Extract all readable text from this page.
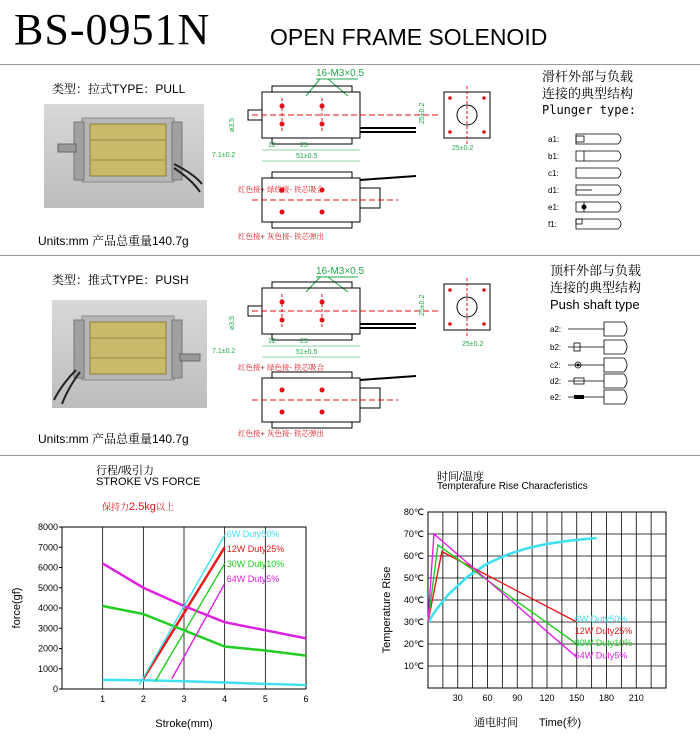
BS-0951N	OPEN FRAME SOLENOID
类型：拉式TYPE：PULL
Units:mm 产品总重量140.7g
16-M3×0.5
ø3.5
7.1±0.2
12	23
51±0.5
25±0.2
25±0.2
红色接+ 绿线接- 铁芯吸合
红色接+ 灰色接- 铁芯弹出
滑杆外部与负载
连接的典型结构
Plunger type:
a1:
b1:
c1:
d1:
e1:
f1:
类型：推式TYPE：PUSH
Units:mm 产品总重量140.7g
16-M3×0.5
ø3.5
7.1±0.2
12	23
51±0.5
25±0.2
25±0.2
红色接+ 绿色接- 铁芯吸合
红色接+ 灰色接- 铁芯弹出
顶杆外部与负载
连接的典型结构
Push shaft type
a2:
b2:
c2:
d2:
e2:
行程/吸引力
STROKE VS FORCE
保持力2.5kg以上
0
1000
2000
3000
4000
5000
6000
7000
8000
1	2	3	4	5	6
Stroke(mm)
force(gf)
6W Duty50%
12W Duty25%
30W Duty10%
64W Duty5%
时间/温度
Tempterafure Rise Characferistics
10℃
20℃
30℃
40℃
50℃
60℃
70℃
80℃
30 60 90 120 150 180 210
通电时间 Time(秒)
Temperature Rise	6W Duty50%
12W Duty25%
30W Duty10%
64W Duty5%
